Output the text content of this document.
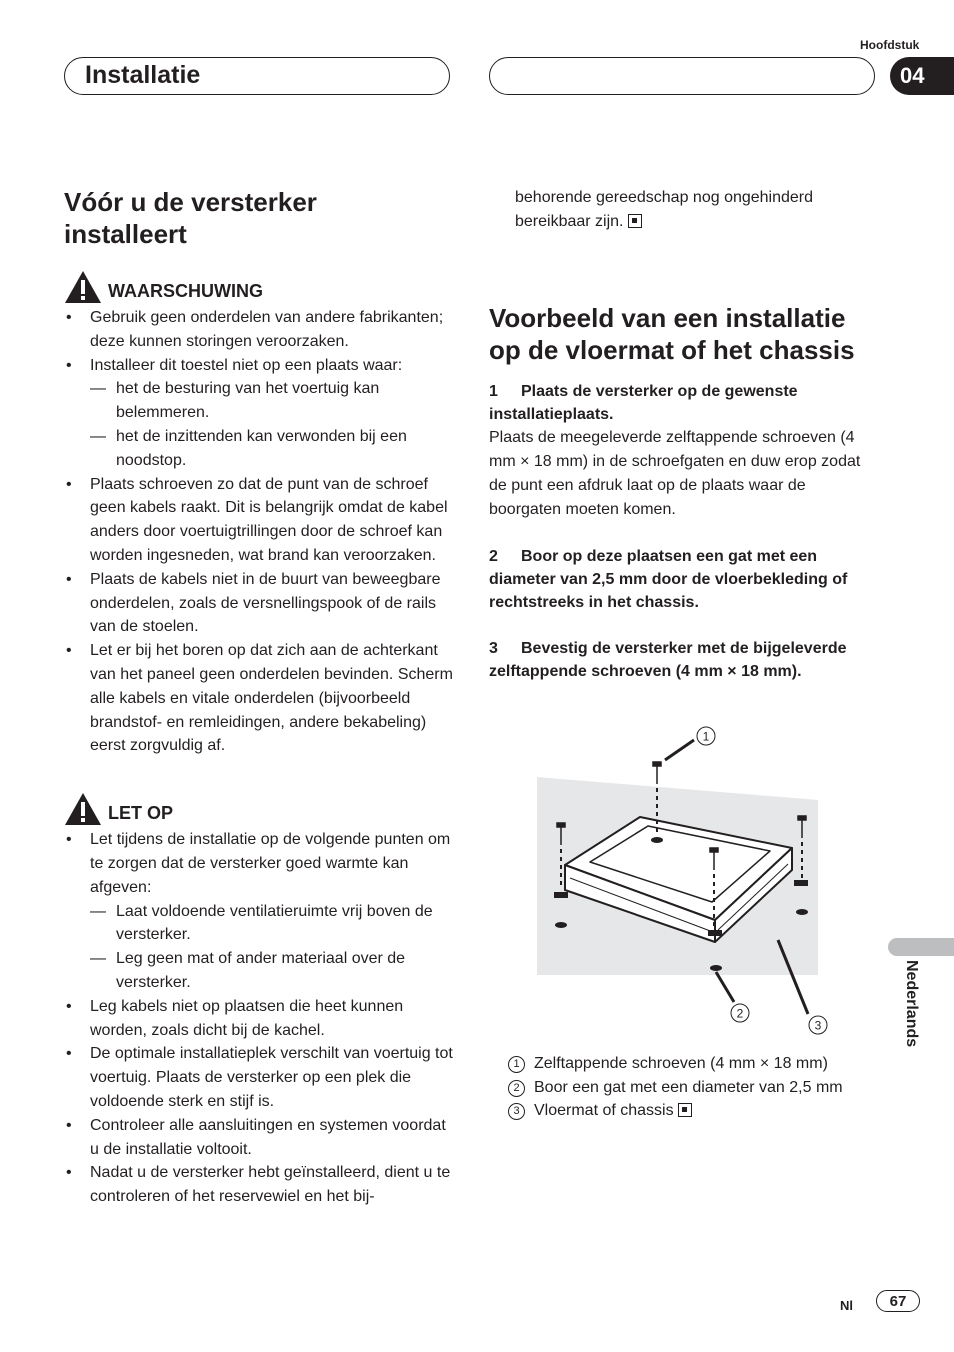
Hoofdstuk
Installatie	04
Vóór u de versterker installeert
WAARSCHUWING
• Gebruik geen onderdelen van andere fabrikanten; deze kunnen storingen veroorzaken.
• Installeer dit toestel niet op een plaats waar:
— het de besturing van het voertuig kan belemmeren.
— het de inzittenden kan verwonden bij een noodstop.
• Plaats schroeven zo dat de punt van de schroef geen kabels raakt. Dit is belangrijk omdat de kabel anders door voertuigtrillingen door de schroef kan worden ingesneden, wat brand kan veroorzaken.
• Plaats de kabels niet in de buurt van beweegbare onderdelen, zoals de versnellingspook of de rails van de stoelen.
• Let er bij het boren op dat zich aan de achterkant van het paneel geen onderdelen bevinden. Scherm alle kabels en vitale onderdelen (bijvoorbeeld brandstof- en remleidingen, andere bekabeling) eerst zorgvuldig af.
LET OP
• Let tijdens de installatie op de volgende punten om te zorgen dat de versterker goed warmte kan afgeven:
— Laat voldoende ventilatieruimte vrij boven de versterker.
— Leg geen mat of ander materiaal over de versterker.
• Leg kabels niet op plaatsen die heet kunnen worden, zoals dicht bij de kachel.
• De optimale installatieplek verschilt van voertuig tot voertuig. Plaats de versterker op een plek die voldoende sterk en stijf is.
• Controleer alle aansluitingen en systemen voordat u de installatie voltooit.
• Nadat u de versterker hebt geïnstalleerd, dient u te controleren of het reservewiel en het bij-

behorende gereedschap nog ongehinderd bereikbaar zijn.

Voorbeeld van een installatie op de vloermat of het chassis

1 Plaats de versterker op de gewenste installatieplaats.

Plaats de meegeleverde zelftappende schroeven (4 mm × 18 mm) in de schroefgaten en duw erop zodat de punt een afdruk laat op de plaats waar de boorgaten moeten komen.

2 Boor op deze plaatsen een gat met een diameter van 2,5 mm door de vloerbekleding of rechtstreeks in het chassis.

3 Bevestig de versterker met de bijgeleverde zelftappende schroeven (4 mm × 18 mm).

1
2
3
1 Zelftappende schroeven (4 mm × 18 mm)
2 Boor een gat met een diameter van 2,5 mm
3 Vloermat of chassis
Nederlands
Nl	67
